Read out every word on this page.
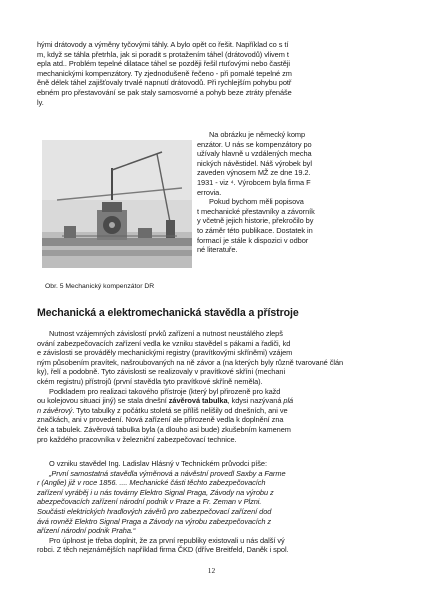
hými drátovody a výměny tyčovými táhly. A bylo opět co řešit. Například co s tí
m, když se táhla přetrhla, jak si poradit s protažením táhel (drátovodů) vlivem t
epla atd.. Problém tepelné dilatace táhel se později řešil rtuťovými nebo častěji
mechanickými kompenzátory. Ty zjednodušeně řečeno - při pomalé tepelné zm
ěně délek táhel zajišťovaly trvalé napnutí drátovodů. Při rychlejším pohybu potř
ebném pro přestavování se pak staly samosvorné a pohyb beze ztráty přenáše
ly.
Obr. 5 Mechanický kompenzátor DR
Na obrázku je německý komp
enzátor. U nás se kompenzátory po
užívaly hlavně u vzdálených mecha
nických návěstidel. Náš výrobek byl
zaveden výnosem MŽ ze dne 19.2.
1931 - viz ⁴. Výrobcem byla firma F
errovia.
Pokud bychom měli popisova
t mechanické přestavníky a závorník
y včetně jejich historie, překročilo by
to záměr této publikace. Dostatek in
formací je stále k dispozici v odbor
né literatuře.
Mechanická a elektromechanická stavědla a přístroje
Nutnost vzájemných závislostí prvků zařízení a nutnost neustálého zlepš
ování zabezpečovacích zařízení vedla ke vzniku stavědel s pákami a řadiči, kd
e závislosti se prováděly mechanickými registry (pravítkovými skříněmi) vzájem
ným působením pravítek, našroubovaných na ně závor a (na kterých byly různě tvarované člán
ky), řelí a podobně. Tyto závislosti se realizovaly v pravítkové skříni (mechani
ckém registru) přístrojů (první stavědla tyto pravítkové skříně neměla).
Podkladem pro realizaci takového přístroje (který byl přirozeně pro každ
ou kolejovou situaci jiný) se stala dnešní závěrová tabulka, kdysi nazývaná plá
n závěrový. Tyto tabulky z počátku stoletá se příliš nelišily od dnešních, ani ve
značkách, ani v provedení. Nová zařízení ale přirozeně vedla k doplnění zna
ček a tabulek. Závěrová tabulka byla (a dlouho asi bude) zkušebním kamenem
pro každého pracovníka v železniční zabezpečovací technice.
O vzniku stavědel Ing. Ladislav Hlásný v Technickém průvodci píše:
„První samostatná stavědla výměnová a návěstní provedl Saxby a Farme
r (Anglie) již v roce 1856. .... Mechanické části těchto zabezpečovacích
zařízení vyráběj i u nás továrny Elektro Signal Praga, Závody na výrobu z
abezpečovacích zařízení národní podnik v Praze a Fr. Zeman v Plzni.
Součásti elektrických hradlových závěrů pro zabezpečovací zařízení dod
ává rovněž Elektro Signal Praga a Závody na výrobu zabezpečovacích z
ařízení národní podnik Praha.“
Pro úplnost je třeba doplnit, že za první republiky existovali u nás další vý
robci. Z těch nejznámějších například firma ČKD (dříve Breitfeld, Daněk i spol.
12
